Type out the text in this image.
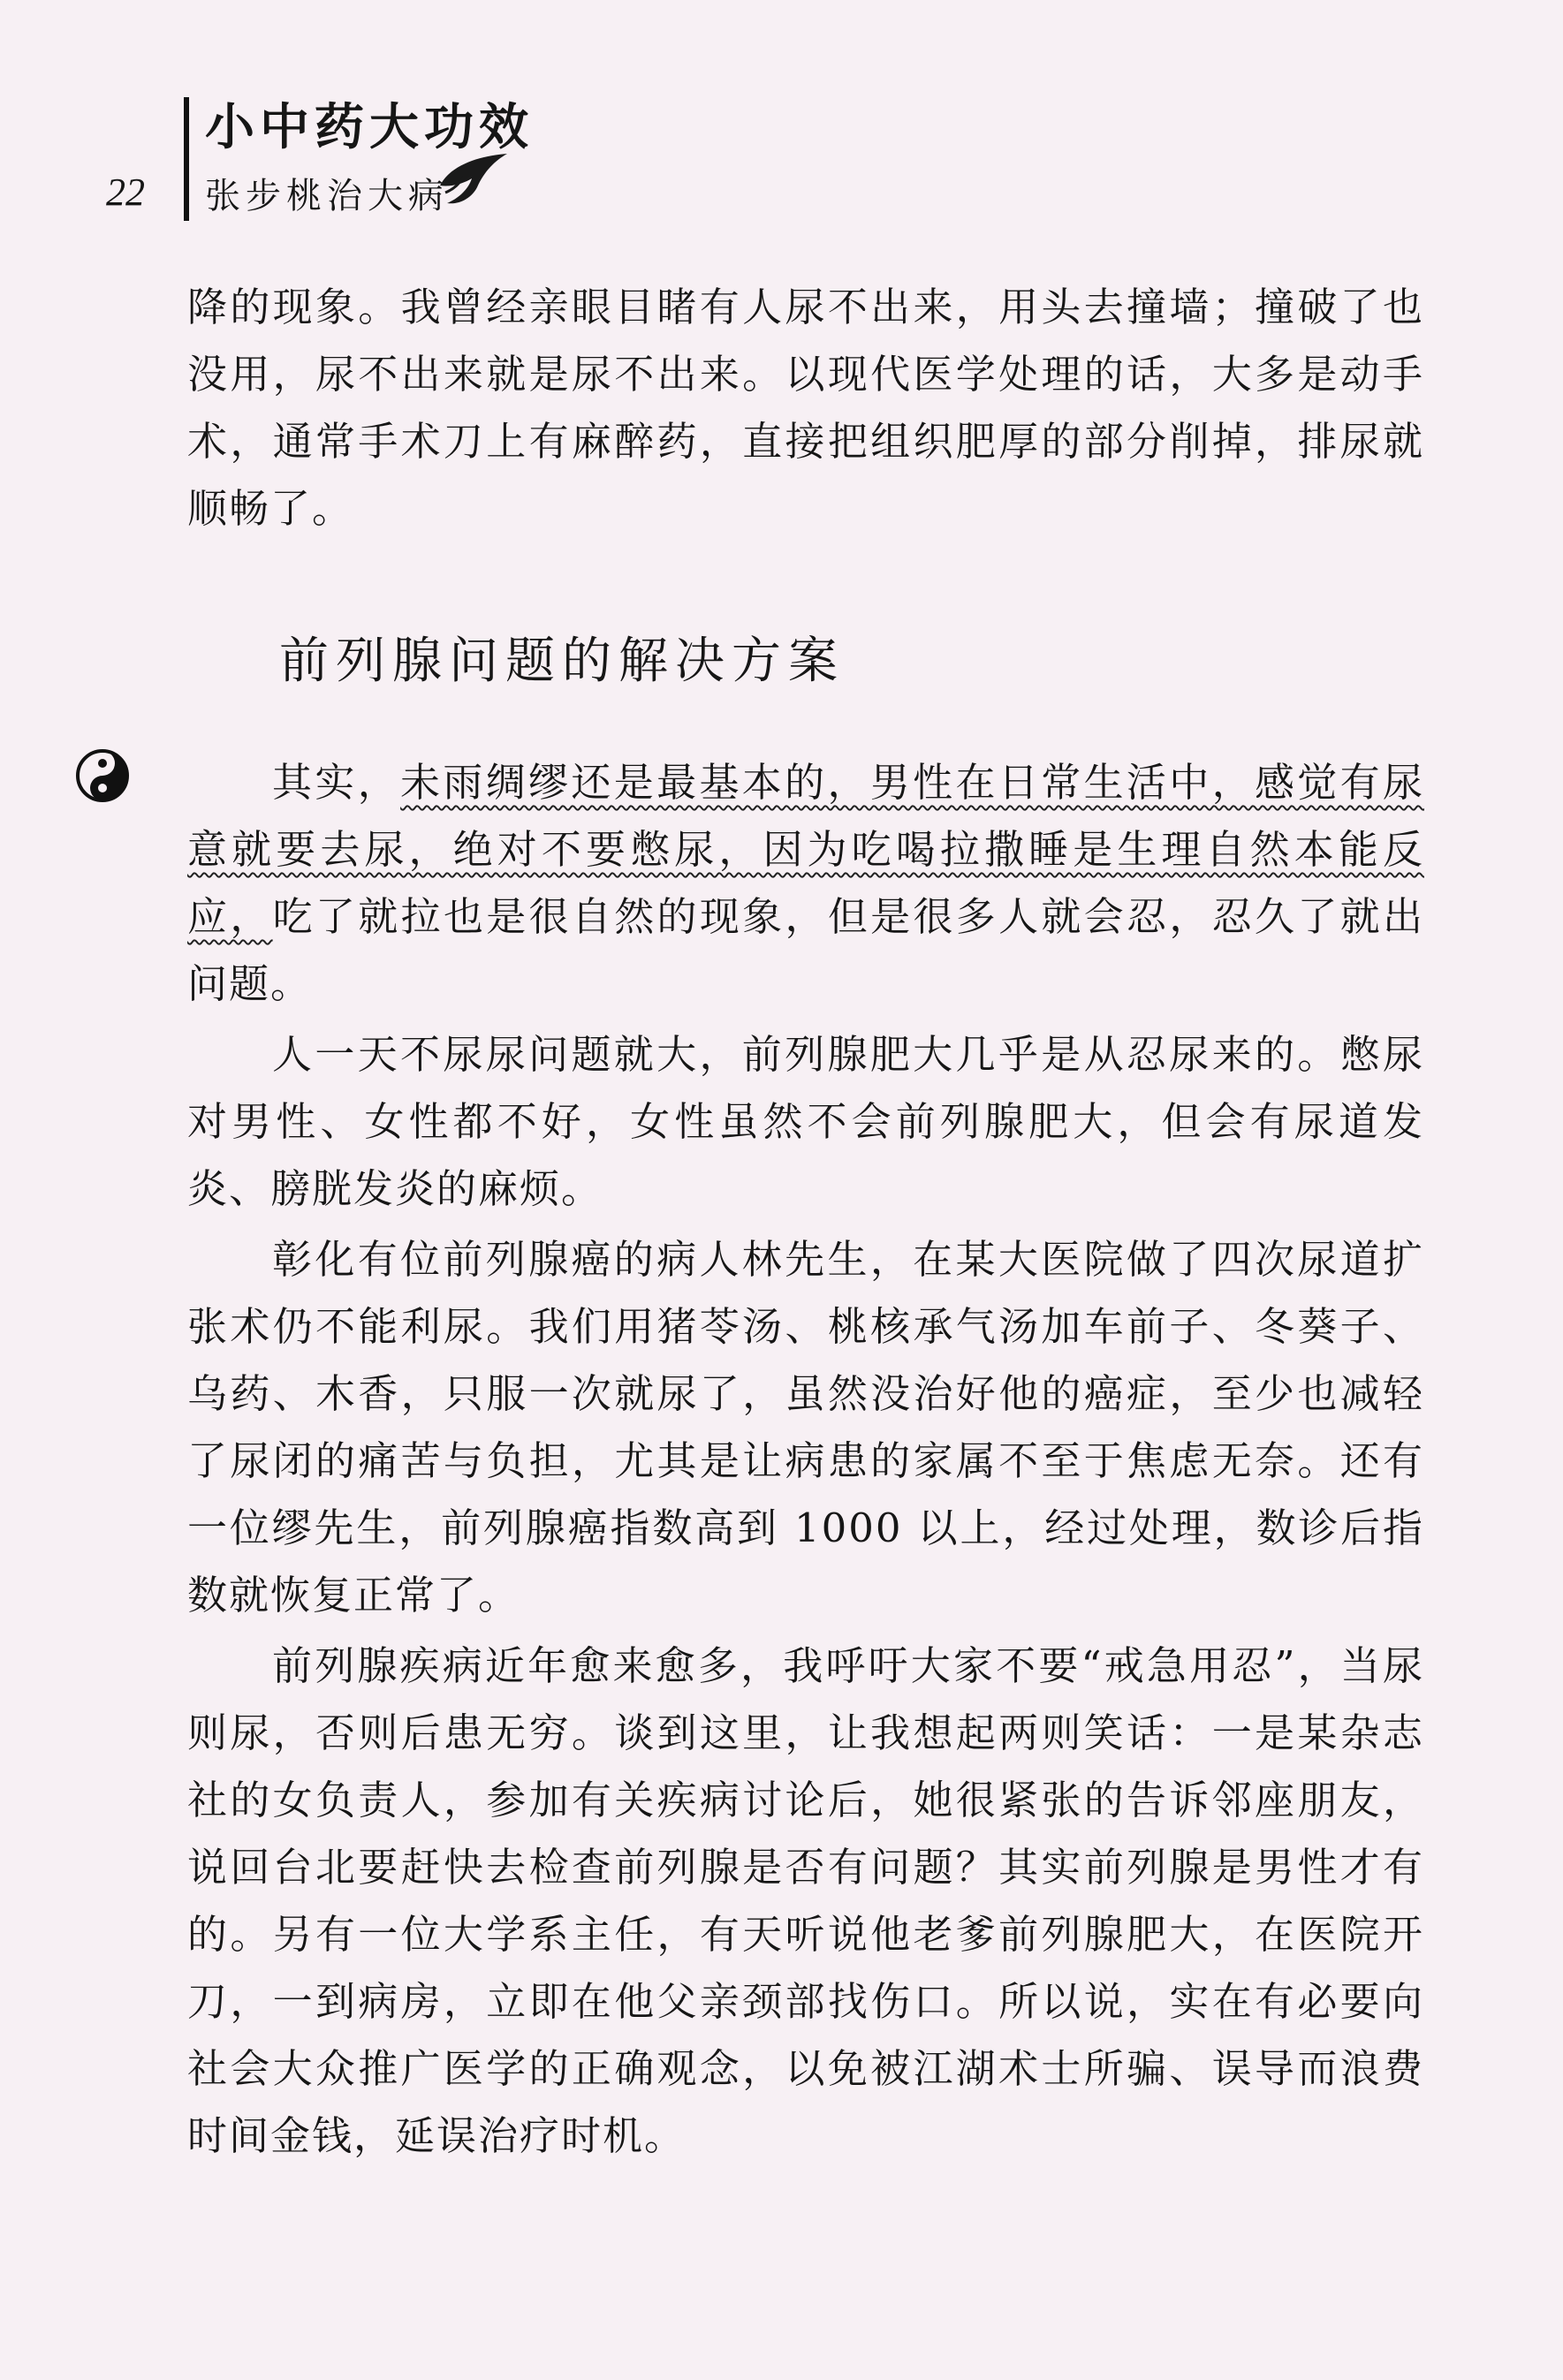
22
小中药大功效
张步桃治大病

降的现象。我曾经亲眼目睹有人尿不出来，用头去撞墙；撞破了也没用，尿不出来就是尿不出来。以现代医学处理的话，大多是动手术，通常手术刀上有麻醉药，直接把组织肥厚的部分削掉，排尿就顺畅了。

前列腺问题的解决方案

其实，未雨绸缪还是最基本的，男性在日常生活中，感觉有尿意就要去尿，绝对不要憋尿，因为吃喝拉撒睡是生理自然本能反应，吃了就拉也是很自然的现象，但是很多人就会忍，忍久了就出问题。

人一天不尿尿问题就大，前列腺肥大几乎是从忍尿来的。憋尿对男性、女性都不好，女性虽然不会前列腺肥大，但会有尿道发炎、膀胱发炎的麻烦。

彰化有位前列腺癌的病人林先生，在某大医院做了四次尿道扩张术仍不能利尿。我们用猪苓汤、桃核承气汤加车前子、冬葵子、乌药、木香，只服一次就尿了，虽然没治好他的癌症，至少也减轻了尿闭的痛苦与负担，尤其是让病患的家属不至于焦虑无奈。还有一位缪先生，前列腺癌指数高到 1000 以上，经过处理，数诊后指数就恢复正常了。

前列腺疾病近年愈来愈多，我呼吁大家不要“戒急用忍”，当尿则尿，否则后患无穷。谈到这里，让我想起两则笑话：一是某杂志社的女负责人，参加有关疾病讨论后，她很紧张的告诉邻座朋友，说回台北要赶快去检查前列腺是否有问题？其实前列腺是男性才有的。另有一位大学系主任，有天听说他老爹前列腺肥大，在医院开刀，一到病房，立即在他父亲颈部找伤口。所以说，实在有必要向社会大众推广医学的正确观念，以免被江湖术士所骗、误导而浪费时间金钱，延误治疗时机。
